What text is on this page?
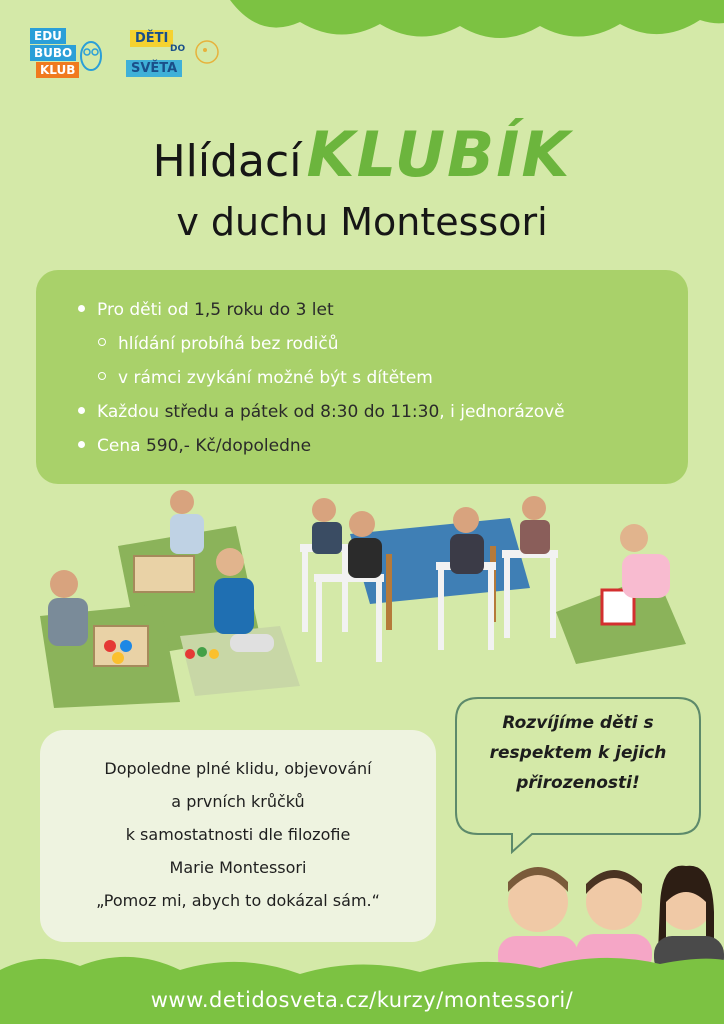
EDU
BUBO
KLUB
DĚTI
DO
SVĚTA
Hlídací KLUBÍK
v duchu Montessori
Pro děti od 1,5 roku do 3 let
hlídání probíhá bez rodičů
v rámci zvykání možné být s dítětem
Každou středu a pátek od 8:30 do 11:30, i jednorázově
Cena 590,- Kč/dopoledne
Dopoledne plné klidu, objevování
a prvních krůčků
k samostatnosti dle filozofie
Marie Montessori
„Pomoz mi, abych to dokázal sám.“
Rozvíjíme děti s
respektem k jejich
přirozenosti!
www.detidosveta.cz/kurzy/montessori/
